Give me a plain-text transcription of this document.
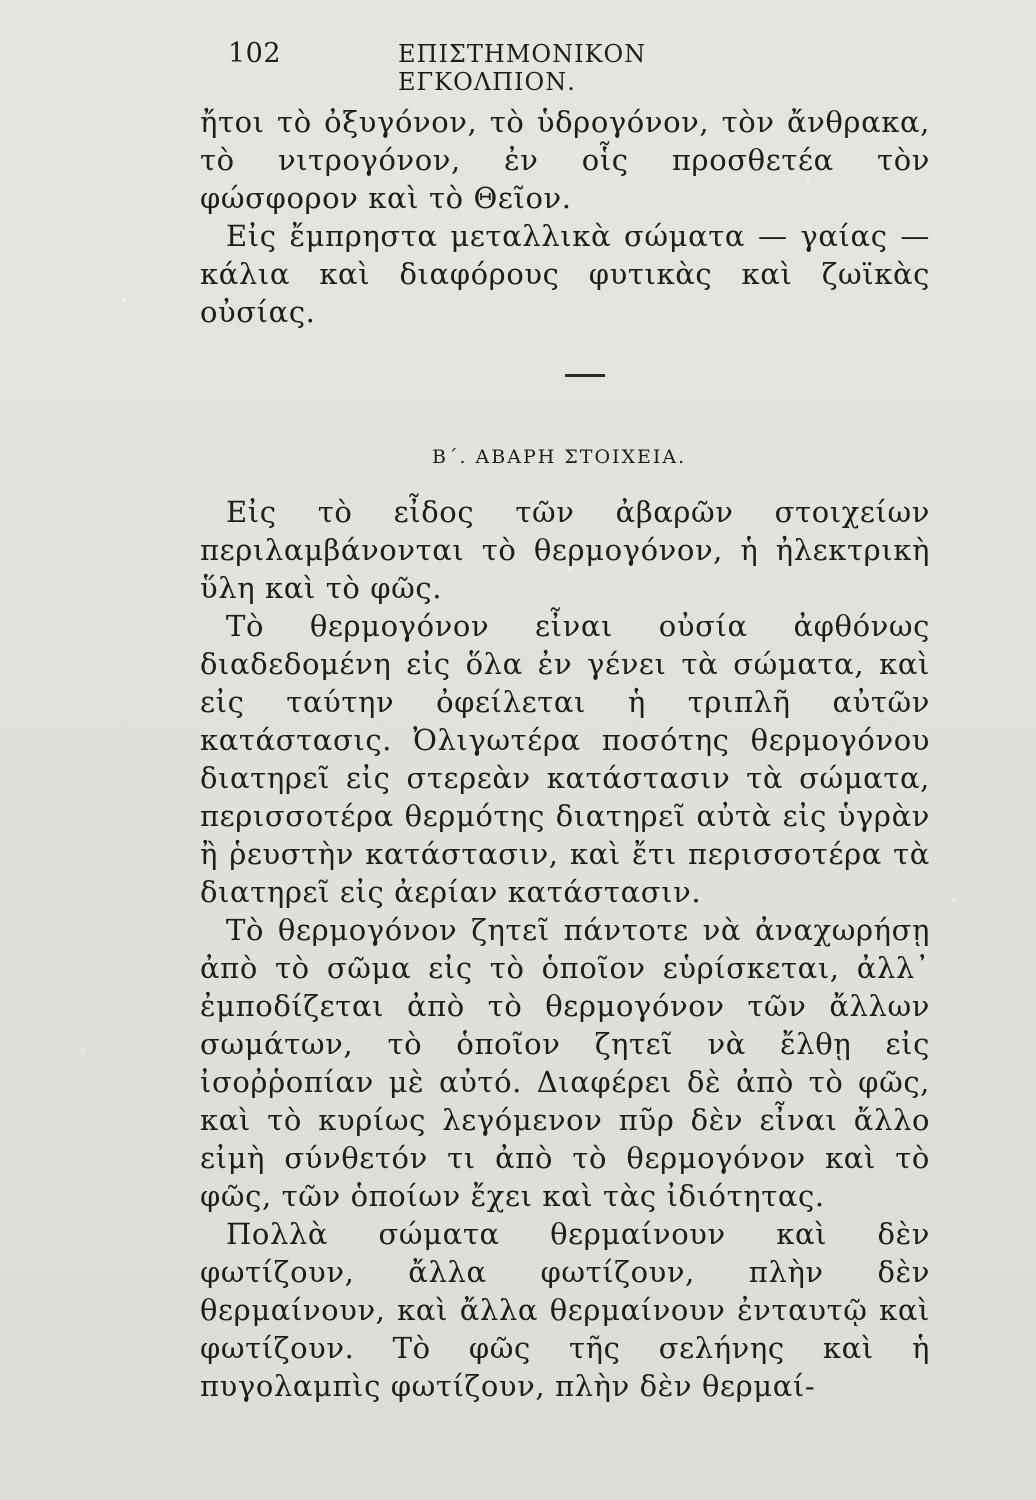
102	ΕΠΙΣΤΗΜΟΝΙΚΟΝ ΕΓΚΟΛΠΙΟΝ.

ἤτοι τὸ ὀξυγόνον, τὸ ὑδρογόνον, τὸν ἄνθρακα, τὸ νιτρογόνον, ἐν οἷς προσθετέα τὸν φώσφορον καὶ τὸ Θεῖον.

Εἰς ἔμπρηστα μεταλλικὰ σώματα — γαίας — κάλια καὶ διαφόρους φυτικὰς καὶ ζωϊκὰς οὐσίας.

Β΄. ΑΒΑΡΗ ΣΤΟΙΧΕΙΑ.

Εἰς τὸ εἶδος τῶν ἀβαρῶν στοιχείων περιλαμβάνονται τὸ θερμογόνον, ἡ ἠλεκτρικὴ ὕλη καὶ τὸ φῶς.

Τὸ θερμογόνον εἶναι οὐσία ἀφθόνως διαδεδομένη εἰς ὅλα ἐν γένει τὰ σώματα, καὶ εἰς ταύτην ὀφείλεται ἡ τριπλῆ αὐτῶν κατάστασις. Ὀλιγωτέρα ποσότης θερμογόνου διατηρεῖ εἰς στερεὰν κατάστασιν τὰ σώματα, περισσοτέρα θερμότης διατηρεῖ αὐτὰ εἰς ὑγρὰν ἢ ῥευστὴν κατάστασιν, καὶ ἔτι περισσοτέρα τὰ διατηρεῖ εἰς ἀερίαν κατάστασιν.

Τὸ θερμογόνον ζητεῖ πάντοτε νὰ ἀναχωρήσῃ ἀπὸ τὸ σῶμα εἰς τὸ ὁποῖον εὑρίσκεται, ἀλλ᾽ ἐμποδίζεται ἀπὸ τὸ θερμογόνον τῶν ἄλλων σωμάτων, τὸ ὁποῖον ζητεῖ νὰ ἔλθῃ εἰς ἰσοῤῥοπίαν μὲ αὐτό. Διαφέρει δὲ ἀπὸ τὸ φῶς, καὶ τὸ κυρίως λεγόμενον πῦρ δὲν εἶναι ἄλλο εἰμὴ σύνθετόν τι ἀπὸ τὸ θερμογόνον καὶ τὸ φῶς, τῶν ὁποίων ἔχει καὶ τὰς ἰδιότητας.

Πολλὰ σώματα θερμαίνουν καὶ δὲν φωτίζουν, ἄλλα φωτίζουν, πλὴν δὲν θερμαίνουν, καὶ ἄλλα θερμαίνουν ἐνταυτῷ καὶ φωτίζουν. Τὸ φῶς τῆς σελήνης καὶ ἡ πυγολαμπὶς φωτίζουν, πλὴν δὲν θερμαί-
